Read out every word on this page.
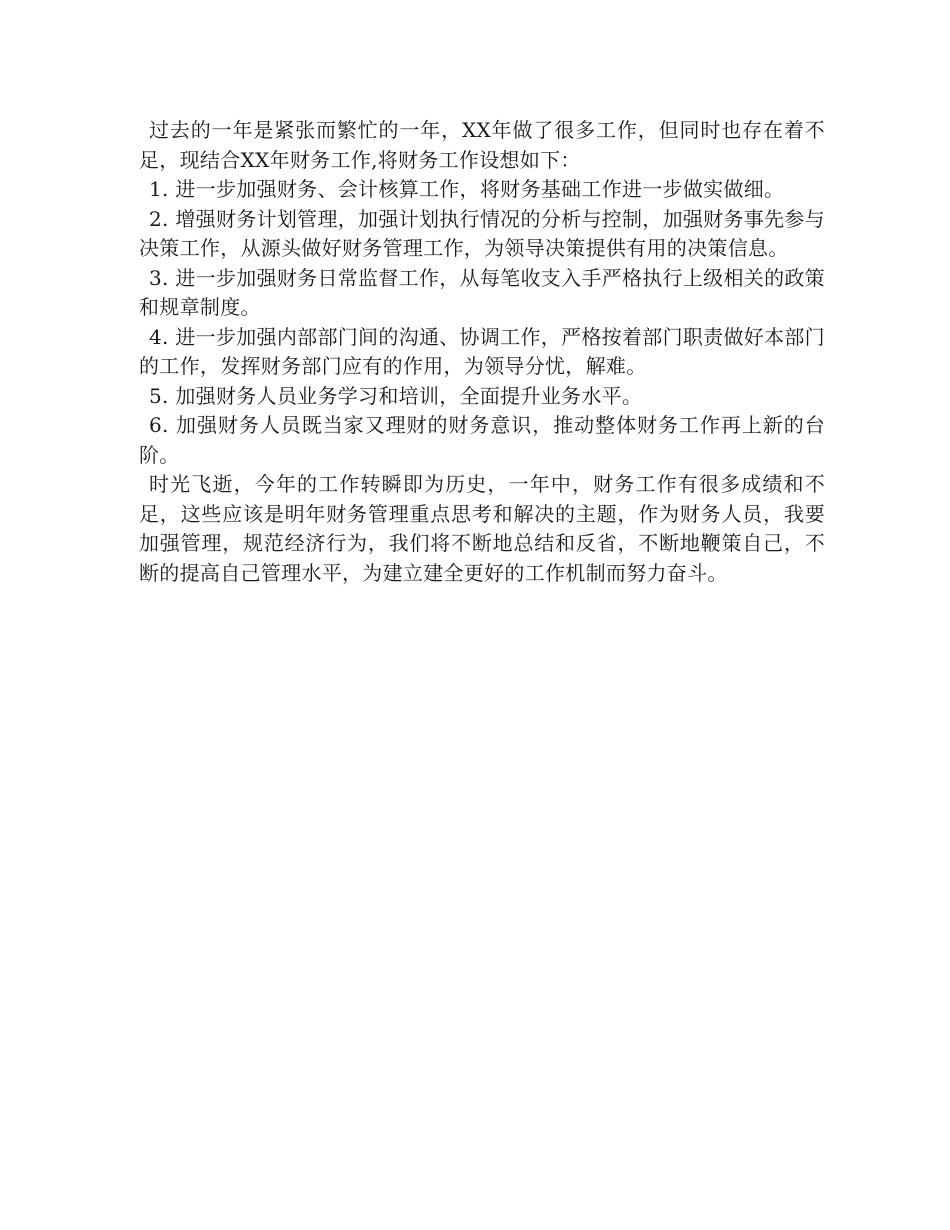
过去的一年是紧张而繁忙的一年，XX年做了很多工作，但同时也存在着不足，现结合XX年财务工作,将财务工作设想如下：

1. 进一步加强财务、会计核算工作，将财务基础工作进一步做实做细。

2. 增强财务计划管理，加强计划执行情况的分析与控制，加强财务事先参与决策工作，从源头做好财务管理工作，为领导决策提供有用的决策信息。

3. 进一步加强财务日常监督工作，从每笔收支入手严格执行上级相关的政策和规章制度。

4. 进一步加强内部部门间的沟通、协调工作，严格按着部门职责做好本部门的工作，发挥财务部门应有的作用，为领导分忧，解难。

5. 加强财务人员业务学习和培训，全面提升业务水平。

6. 加强财务人员既当家又理财的财务意识，推动整体财务工作再上新的台阶。

时光飞逝，今年的工作转瞬即为历史，一年中，财务工作有很多成绩和不足，这些应该是明年财务管理重点思考和解决的主题，作为财务人员，我要加强管理，规范经济行为，我们将不断地总结和反省，不断地鞭策自己，不断的提高自己管理水平，为建立建全更好的工作机制而努力奋斗。
